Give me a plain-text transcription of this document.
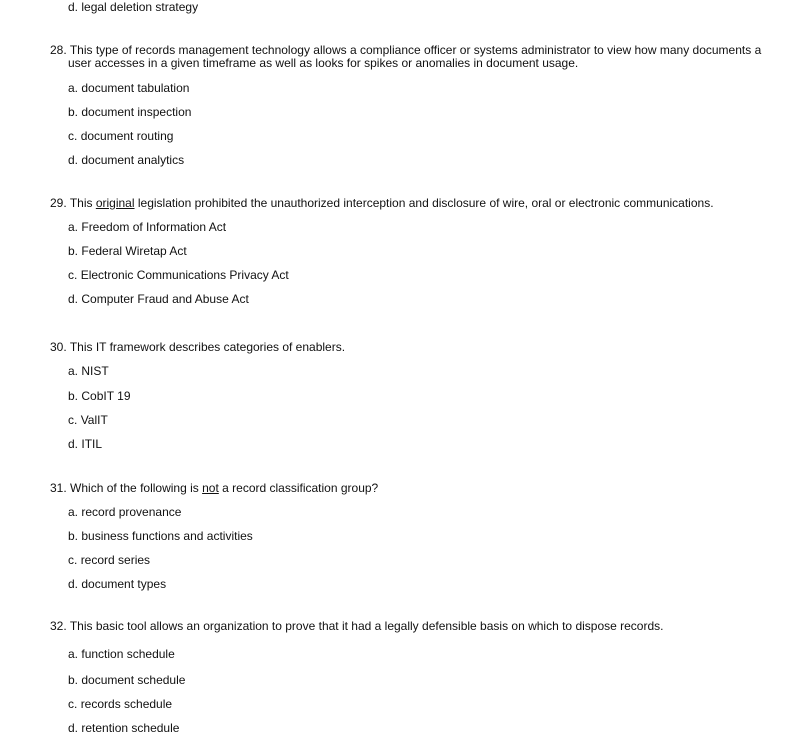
d. legal deletion strategy
28. This type of records management technology allows a compliance officer or systems administrator to view how many documents a
user accesses in a given timeframe as well as looks for spikes or anomalies in document usage.
a. document tabulation
b. document inspection
c. document routing
d. document analytics
29. This original legislation prohibited the unauthorized interception and disclosure of wire, oral or electronic communications.
a. Freedom of Information Act
b. Federal Wiretap Act
c. Electronic Communications Privacy Act
d. Computer Fraud and Abuse Act
30. This IT framework describes categories of enablers.
a. NIST
b. CobIT 19
c. ValIT
d. ITIL
31. Which of the following is not a record classification group?
a. record provenance
b. business functions and activities
c. record series
d. document types
32. This basic tool allows an organization to prove that it had a legally defensible basis on which to dispose records.
a. function schedule
b. document schedule
c. records schedule
d. retention schedule
